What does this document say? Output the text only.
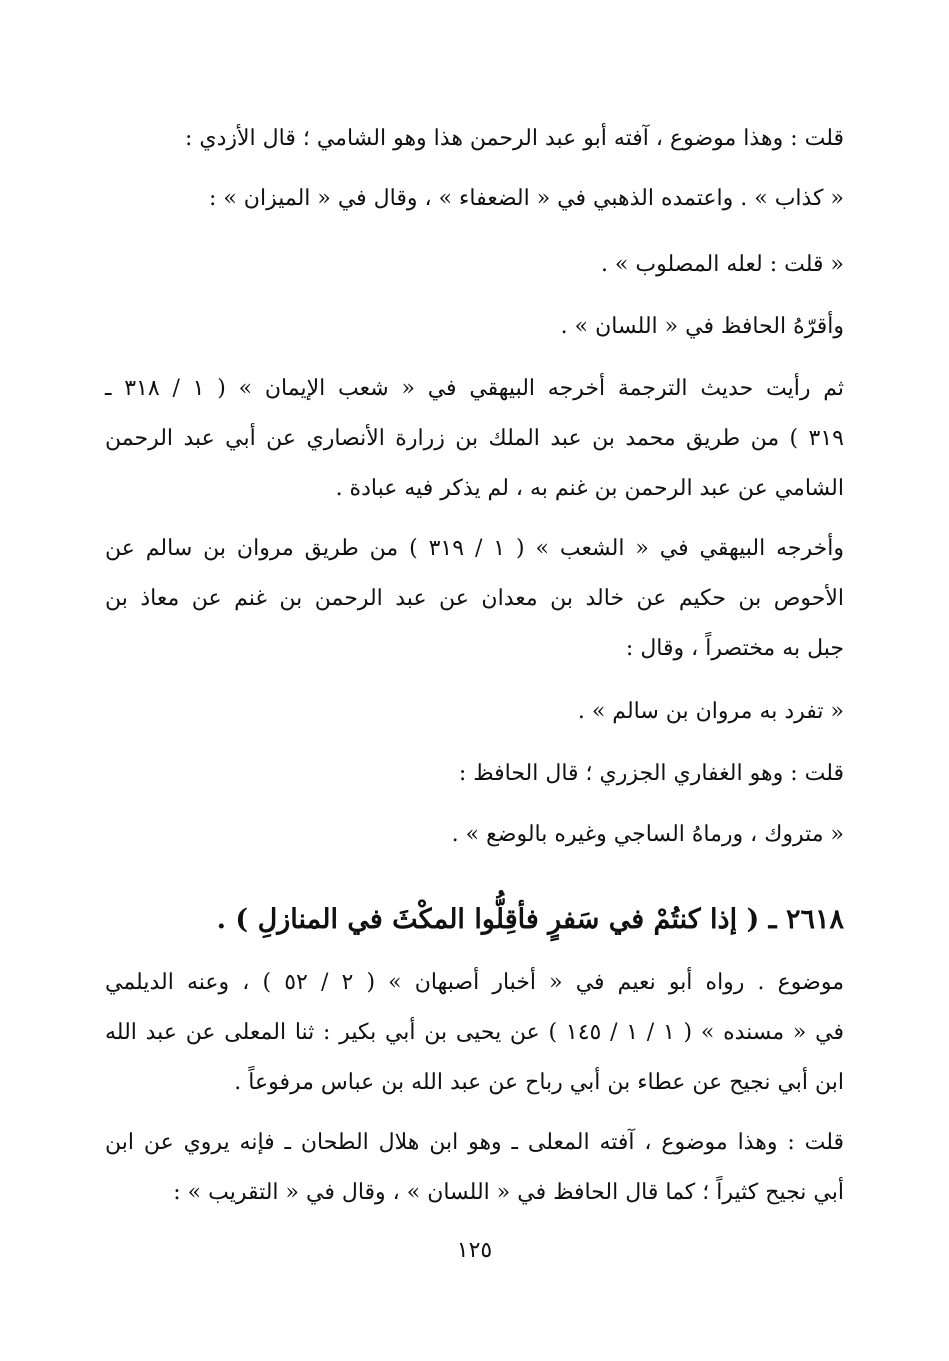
قلت : وهذا موضوع ، آفته أبو عبد الرحمن هذا وهو الشامي ؛ قال الأزدي :
« كذاب » . واعتمده الذهبي في « الضعفاء » ، وقال في « الميزان » :
« قلت : لعله المصلوب » .
وأقرّهُ الحافظ في « اللسان » .
ثم رأيت حديث الترجمة أخرجه البيهقي في « شعب الإيمان » ( ١ / ٣١٨ ـ
٣١٩ ) من طريق محمد بن عبد الملك بن زرارة الأنصاري عن أبي عبد الرحمن
الشامي عن عبد الرحمن بن غنم به ، لم يذكر فيه عبادة .
وأخرجه البيهقي في « الشعب » ( ١ / ٣١٩ ) من طريق مروان بن سالم عن
الأحوص بن حكيم عن خالد بن معدان عن عبد الرحمن بن غنم عن معاذ بن
جبل به مختصراً ، وقال :
« تفرد به مروان بن سالم » .
قلت : وهو الغفاري الجزري ؛ قال الحافظ :
« متروك ، ورماهُ الساجي وغيره بالوضع » .
٢٦١٨ ـ ( إذا كنتُمْ في سَفرٍ فأقِلُّوا المكْثَ في المنازلِ ) .
موضوع . رواه أبو نعيم في « أخبار أصبهان » ( ٢ / ٥٢ ) ، وعنه الديلمي
في « مسنده » ( ١ / ١ / ١٤٥ ) عن يحيى بن أبي بكير : ثنا المعلى عن عبد الله
ابن أبي نجيح عن عطاء بن أبي رباح عن عبد الله بن عباس مرفوعاً .
قلت : وهذا موضوع ، آفته المعلى ـ وهو ابن هلال الطحان ـ فإنه يروي عن ابن
أبي نجيح كثيراً ؛ كما قال الحافظ في « اللسان » ، وقال في « التقريب » :
١٢٥
